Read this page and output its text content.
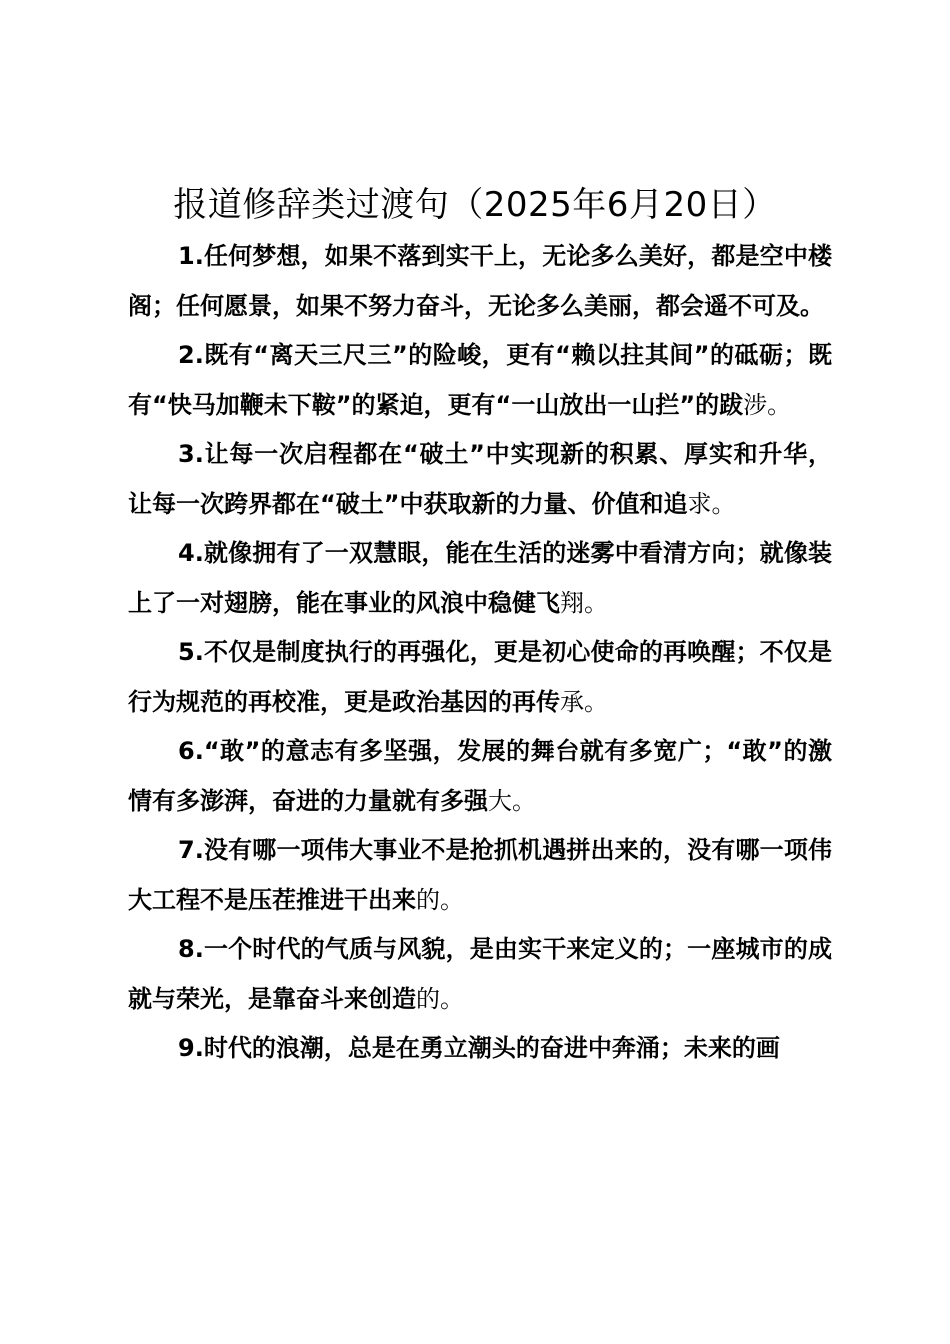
报道修辞类过渡句（2025年6月20日）

1.任何梦想，如果不落到实干上，无论多么美好，都是空中楼阁；任何愿景，如果不努力奋斗，无论多么美丽，都会遥不可及。

2.既有“离天三尺三”的险峻，更有“赖以拄其间”的砥砺；既有“快马加鞭未下鞍”的紧迫，更有“一山放出一山拦”的跋涉。

3.让每一次启程都在“破土”中实现新的积累、厚实和升华，让每一次跨界都在“破土”中获取新的力量、价值和追求。

4.就像拥有了一双慧眼，能在生活的迷雾中看清方向；就像装上了一对翅膀，能在事业的风浪中稳健飞翔。

5.不仅是制度执行的再强化，更是初心使命的再唤醒；不仅是行为规范的再校准，更是政治基因的再传承。

6.“敢”的意志有多坚强，发展的舞台就有多宽广；“敢”的激情有多澎湃，奋进的力量就有多强大。

7.没有哪一项伟大事业不是抢抓机遇拼出来的，没有哪一项伟大工程不是压茬推进干出来的。

8.一个时代的气质与风貌，是由实干来定义的；一座城市的成就与荣光，是靠奋斗来创造的。

9.时代的浪潮，总是在勇立潮头的奋进中奔涌；未来的画
